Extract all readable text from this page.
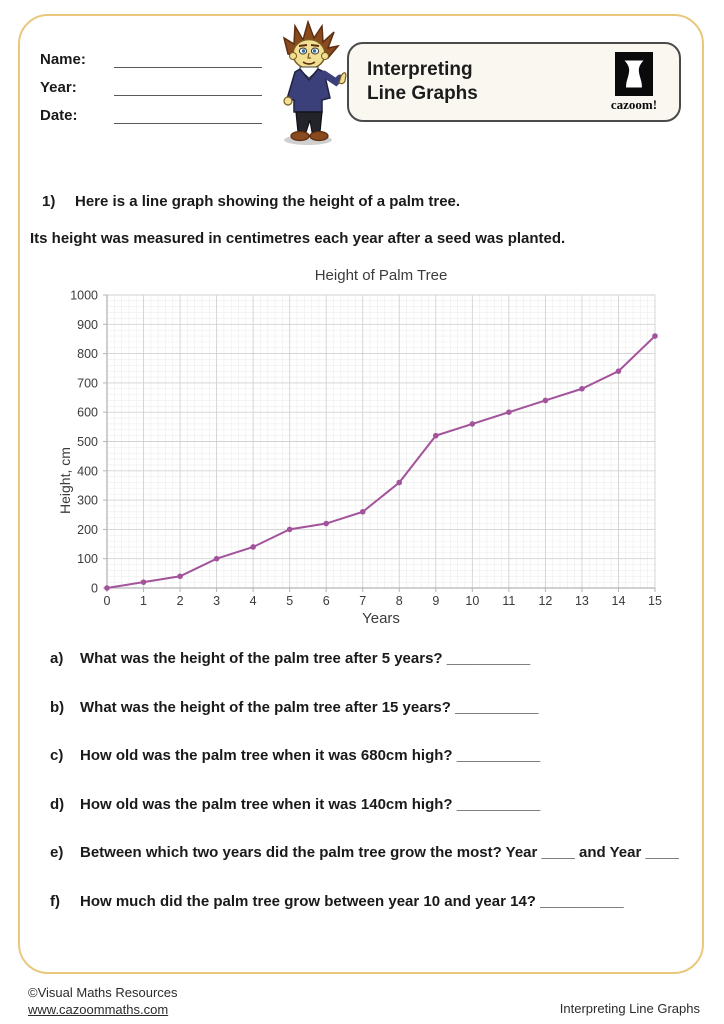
Name:
Year:
Date:
Interpreting
Line Graphs	cazoom!
1) Here is a line graph showing the height of a palm tree.
Its height was measured in centimetres each year after a seed was planted.
Height of Palm Tree
Height, cm
0 1 2 3 4 5 6 7 8 9 10 11 12 13 14 15
0
100
200
300
400
500
600
700
800
900
1000
Years
a)	What was the height of the palm tree after 5 years? __________
b)	What was the height of the palm tree after 15 years? __________
c)	How old was the palm tree when it was 680cm high? __________
d)	How old was the palm tree when it was 140cm high? __________
e)	Between which two years did the palm tree grow the most? Year ____ and Year ____
f)	How much did the palm tree grow between year 10 and year 14? __________
©Visual Maths Resources
www.cazoommaths.com	Interpreting Line Graphs
